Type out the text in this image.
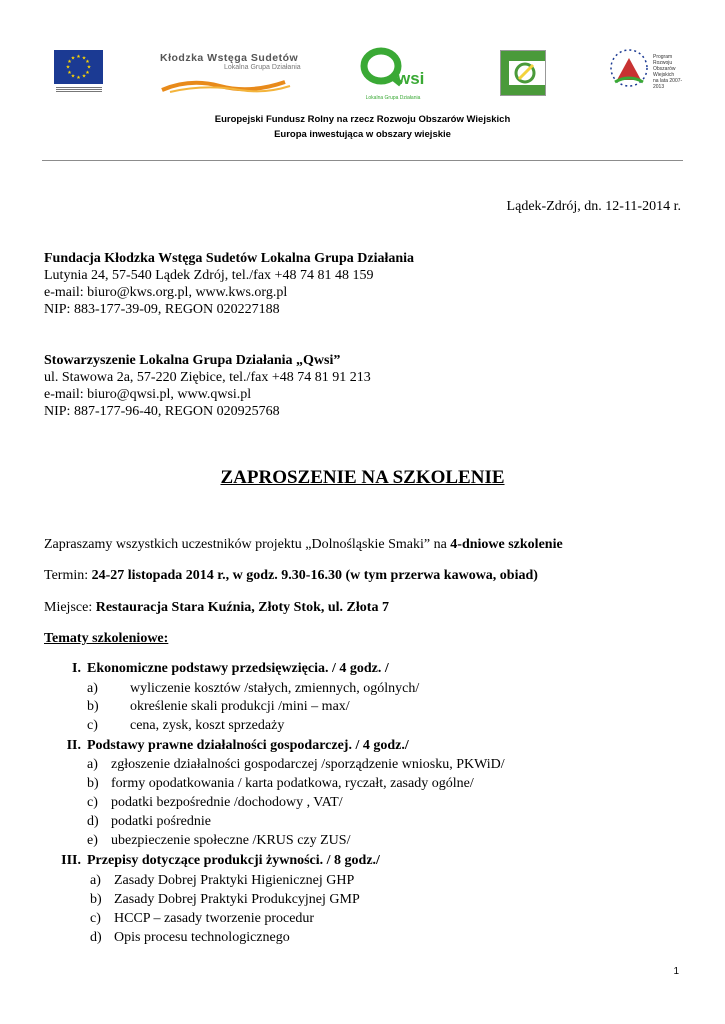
★ ★
★
★
★
★
★
★
★
★
★
★	Kłodzka Wstęga Sudetów
Lokalna Grupa Działania
wsi
Lokalna Grupa Działania
Program
Rozwoju
Obszarów
Wiejskich
na lata 2007-2013
Europejski Fundusz Rolny na rzecz Rozwoju Obszarów Wiejskich
Europa inwestująca w obszary wiejskie
Lądek-Zdrój, dn. 12-11-2014 r.
Fundacja Kłodzka Wstęga Sudetów Lokalna Grupa Działania
Lutynia 24, 57-540 Lądek Zdrój, tel./fax +48 74 81 48 159
e-mail: biuro@kws.org.pl, www.kws.org.pl
NIP: 883-177-39-09, REGON 020227188
Stowarzyszenie Lokalna Grupa Działania „Qwsi”
ul. Stawowa 2a, 57-220 Ziębice, tel./fax +48 74 81 91 213
e-mail: biuro@qwsi.pl, www.qwsi.pl
NIP: 887-177-96-40, REGON 020925768
ZAPROSZENIE NA SZKOLENIE
Zapraszamy wszystkich uczestników projektu „Dolnośląskie Smaki” na 4-dniowe szkolenie
Termin: 24-27 listopada 2014 r., w godz. 9.30-16.30 (w tym przerwa kawowa, obiad)
Miejsce: Restauracja Stara Kuźnia, Złoty Stok, ul. Złota 7
Tematy szkoleniowe:
I. Ekonomiczne podstawy przedsięwzięcia. / 4 godz. /
a) wyliczenie kosztów /stałych, zmiennych, ogólnych/
b) określenie skali produkcji /mini – max/
c) cena, zysk, koszt sprzedaży
II. Podstawy prawne działalności gospodarczej. / 4 godz./
a) zgłoszenie działalności gospodarczej /sporządzenie wniosku, PKWiD/
b) formy opodatkowania / karta podatkowa, ryczałt, zasady ogólne/
c) podatki bezpośrednie /dochodowy , VAT/
d) podatki pośrednie
e) ubezpieczenie społeczne /KRUS czy ZUS/
III. Przepisy dotyczące produkcji żywności. / 8 godz./
a) Zasady Dobrej Praktyki Higienicznej GHP
b) Zasady Dobrej Praktyki Produkcyjnej GMP
c) HCCP – zasady tworzenie procedur
d) Opis procesu technologicznego
1
